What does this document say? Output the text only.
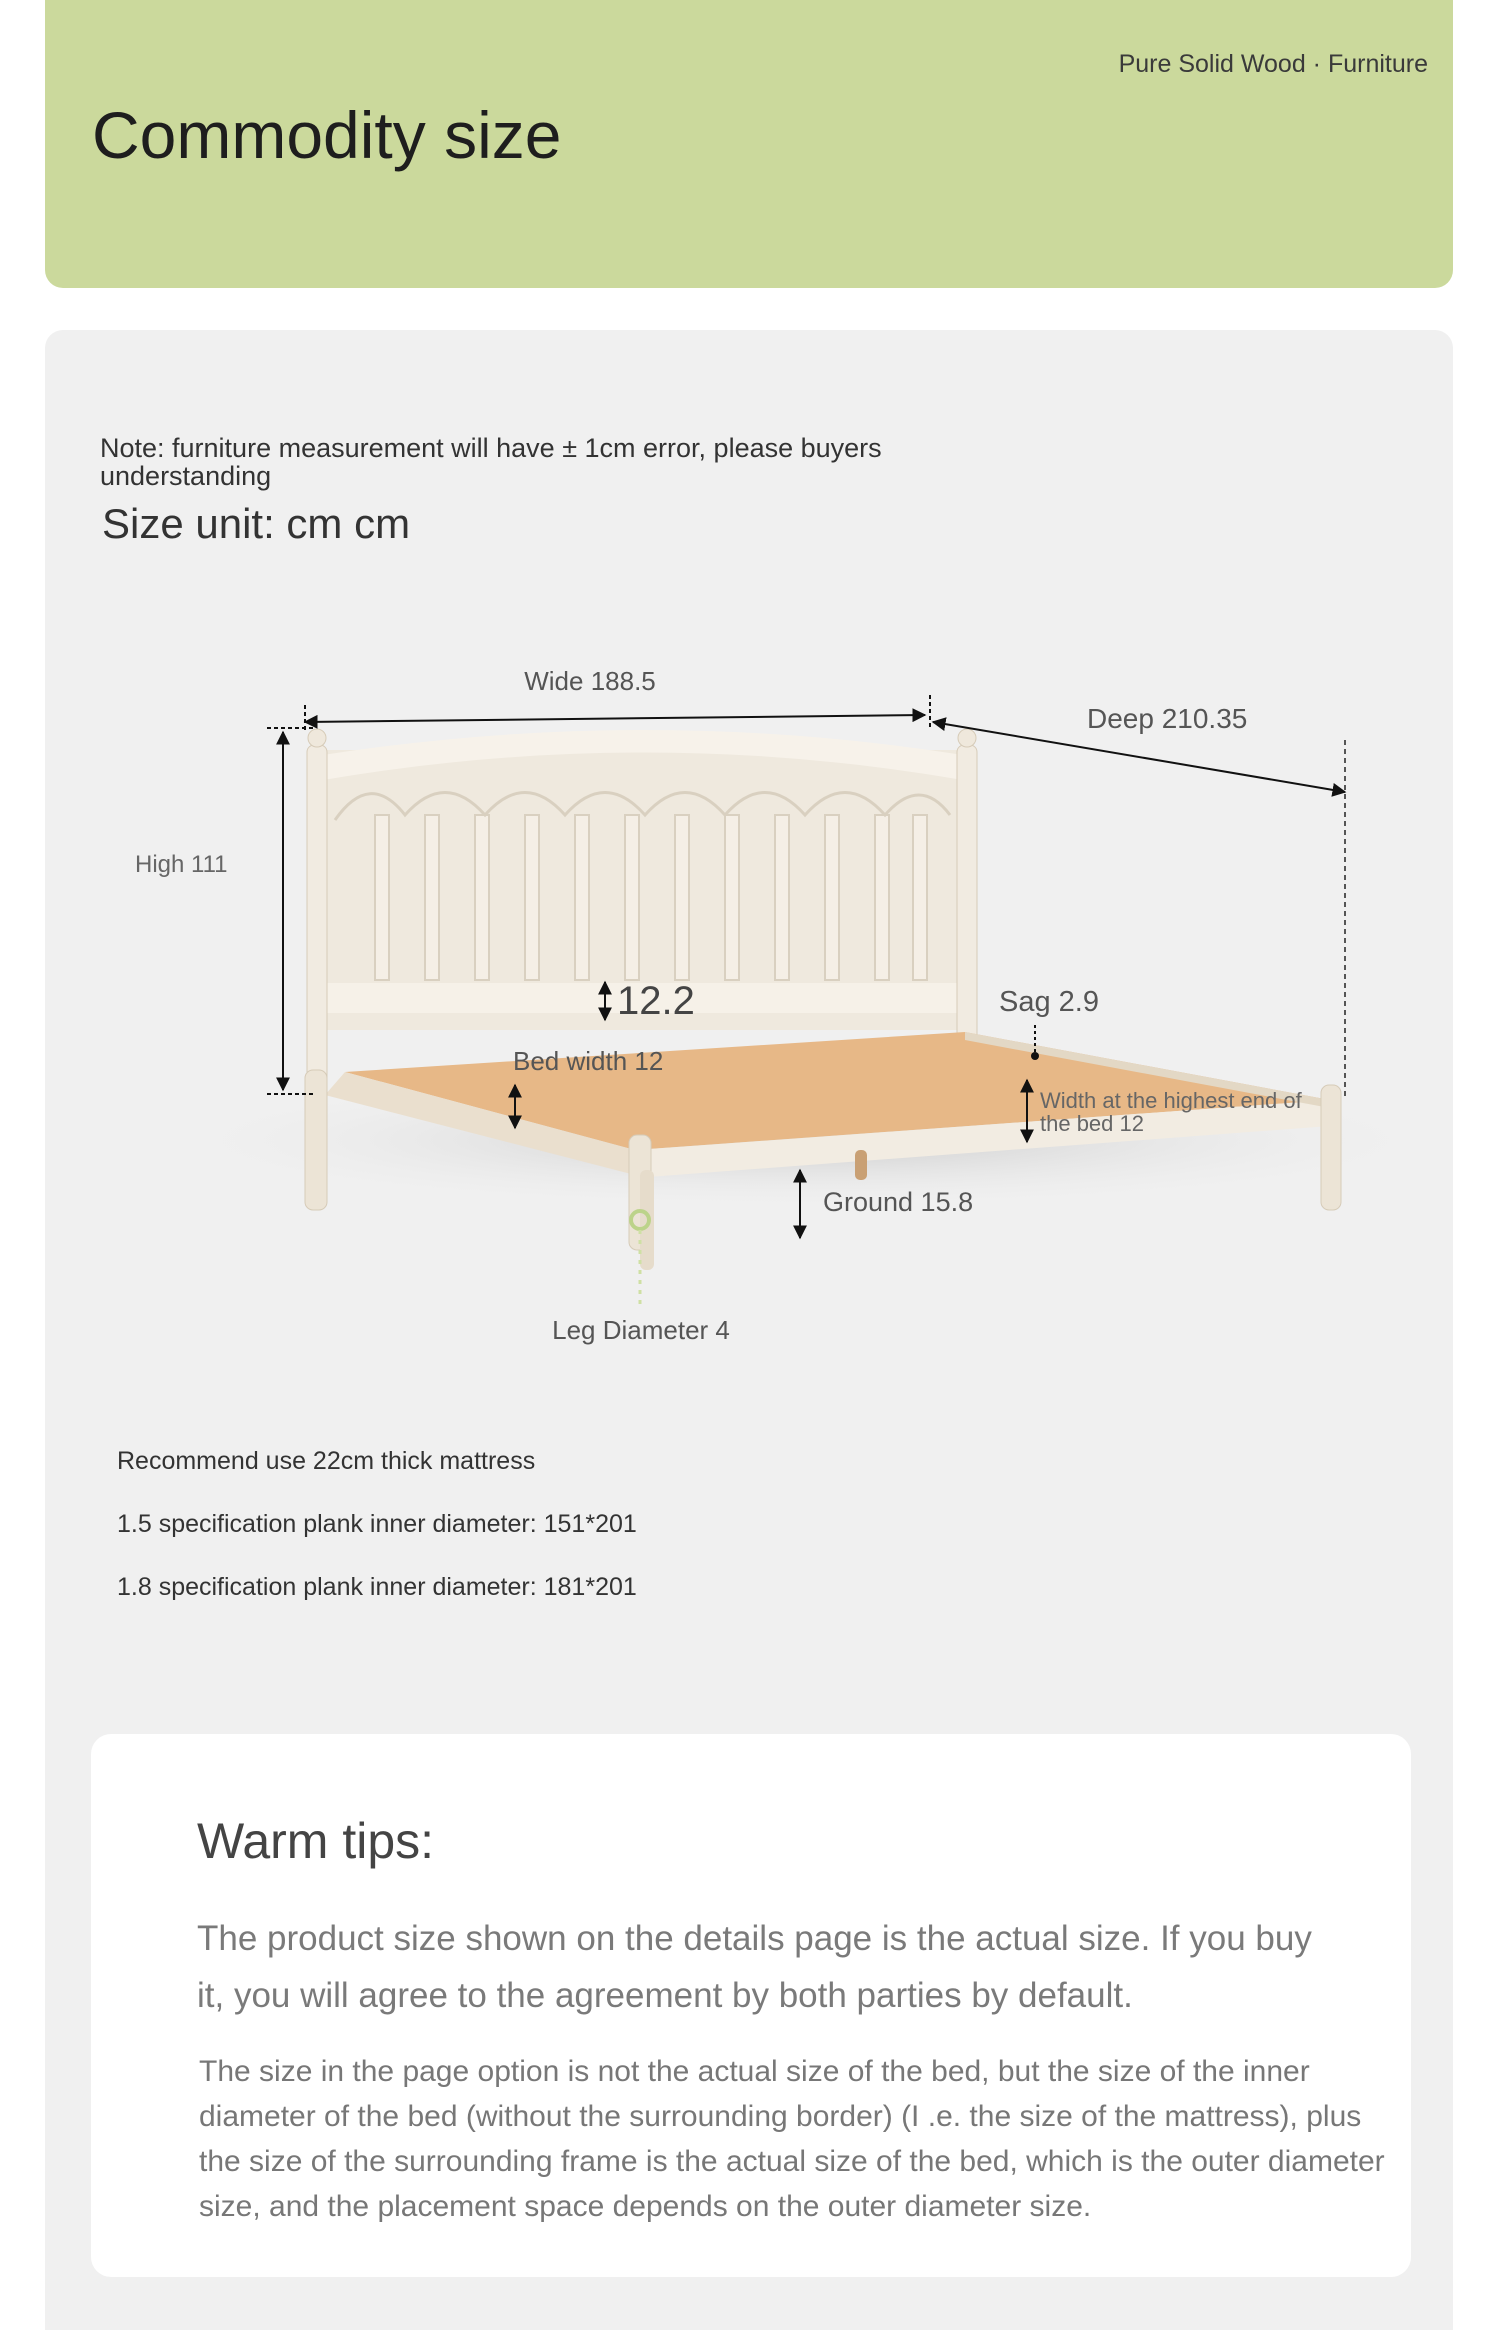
Pure Solid Wood · Furniture
Commodity size
Note: furniture measurement will have ± 1cm error, please buyers understanding
Size unit: cm cm
Wide 188.5
Deep 210.35
High 111
12.2	Sag 2.9
Bed width 12
Width at the highest end of
the bed 12
Ground 15.8
Leg Diameter 4
Recommend use 22cm thick mattress
1.5 specification plank inner diameter: 151*201
1.8 specification plank inner diameter: 181*201
Warm tips:
The product size shown on the details page is the actual size. If you buy it, you will agree to the agreement by both parties by default.
The size in the page option is not the actual size of the bed, but the size of the inner diameter of the bed (without the surrounding border) (I .e. the size of the mattress), plus the size of the surrounding frame is the actual size of the bed, which is the outer diameter size, and the placement space depends on the outer diameter size.
